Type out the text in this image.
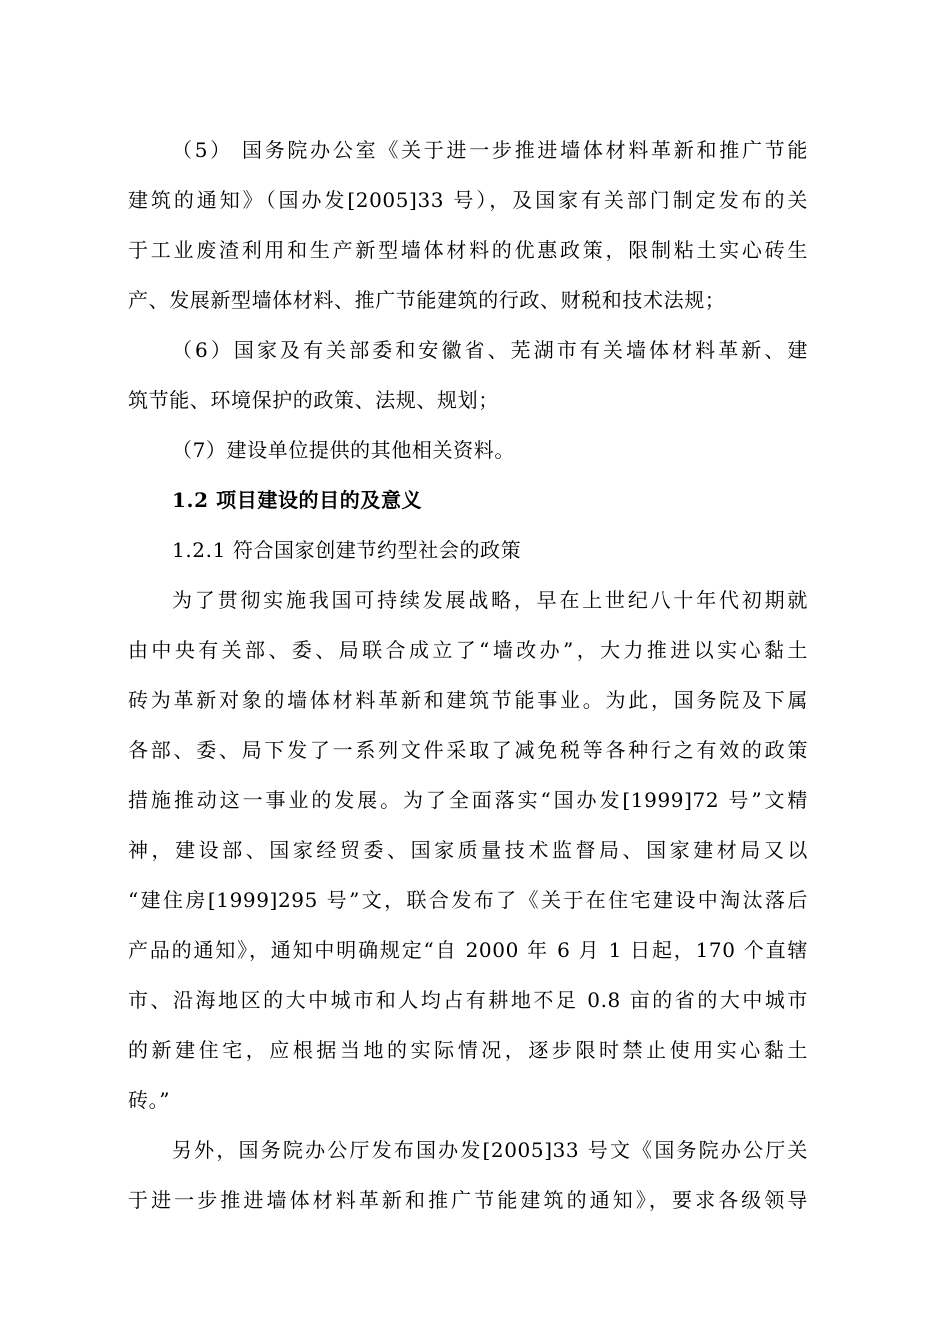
（5） 国务院办公室《关于进一步推进墙体材料革新和推广节能
建筑的通知》（国办发[2005]33 号），及国家有关部门制定发布的关
于工业废渣利用和生产新型墙体材料的优惠政策，限制粘土实心砖生
产、发展新型墙体材料、推广节能建筑的行政、财税和技术法规；
（6）国家及有关部委和安徽省、芜湖市有关墙体材料革新、建
筑节能、环境保护的政策、法规、规划；
（7）建设单位提供的其他相关资料。
1.2 项目建设的目的及意义
1.2.1 符合国家创建节约型社会的政策
为了贯彻实施我国可持续发展战略，早在上世纪八十年代初期就
由中央有关部、委、局联合成立了“墙改办”，大力推进以实心黏土
砖为革新对象的墙体材料革新和建筑节能事业。为此，国务院及下属
各部、委、局下发了一系列文件采取了减免税等各种行之有效的政策
措施推动这一事业的发展。为了全面落实“国办发[1999]72 号”文精
神，建设部、国家经贸委、国家质量技术监督局、国家建材局又以
“建住房[1999]295 号”文，联合发布了《关于在住宅建设中淘汰落后
产品的通知》，通知中明确规定“自 2000 年 6 月 1 日起，170 个直辖
市、沿海地区的大中城市和人均占有耕地不足 0.8 亩的省的大中城市
的新建住宅，应根据当地的实际情况，逐步限时禁止使用实心黏土
砖。”
另外，国务院办公厅发布国办发[2005]33 号文《国务院办公厅关
于进一步推进墙体材料革新和推广节能建筑的通知》，要求各级领导
